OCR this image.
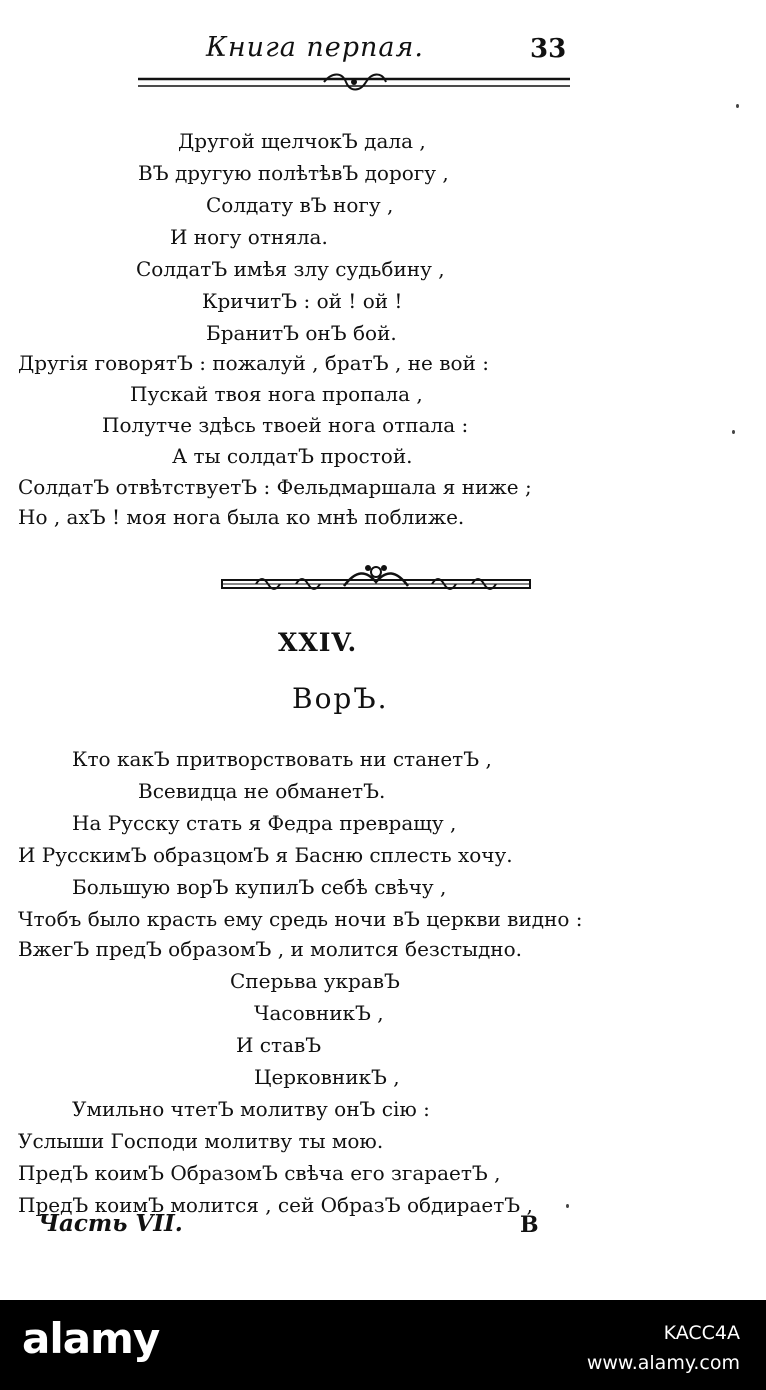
Книга перпая.	33
Другой щелчокЪ дала ,
ВЪ другую полѣтѣвЪ дорогу ,
Солдату вЪ ногу ,
И ногу отняла.
СолдатЪ имѣя злу судьбину ,
КричитЪ : ой ! ой !
БранитЪ онЪ бой.
Другія говорятЪ : пожалуй , братЪ , не вой :
Пускай твоя нога пропала ,
Полутче здѣсь твоей нога отпала :
А ты солдатЪ простой.
СолдатЪ отвѣтствуетЪ : Фельдмаршала я ниже ;
Но , ахЪ ! моя нога была ко мнѣ поближе.
XXIV.
ВорЪ.
Кто какЪ притворствовать ни станетЪ ,
Всевидца не обманетЪ.
На Русску стать я Федра превращу ,
И РусскимЪ образцомЪ я Басню сплесть хочу.
Большую ворЪ купилЪ себѣ свѣчу ,
Чтобъ было красть ему средь ночи вЪ церкви видно :
ВжегЪ предЪ образомЪ , и молится безстыдно.
Сперьва укравЪ
ЧасовникЪ ,
И ставЪ
ЦерковникЪ ,
Умильно чтетЪ молитву онЪ сію :
Услыши Господи молитву ты мою.
ПредЪ коимЪ ОбразомЪ свѣча его згараетЪ ,
ПредЪ коимЪ молится , сей ОбразЪ обдираетЪ ,
Часть VII.	В
alamy	KACC4A
www.alamy.com
